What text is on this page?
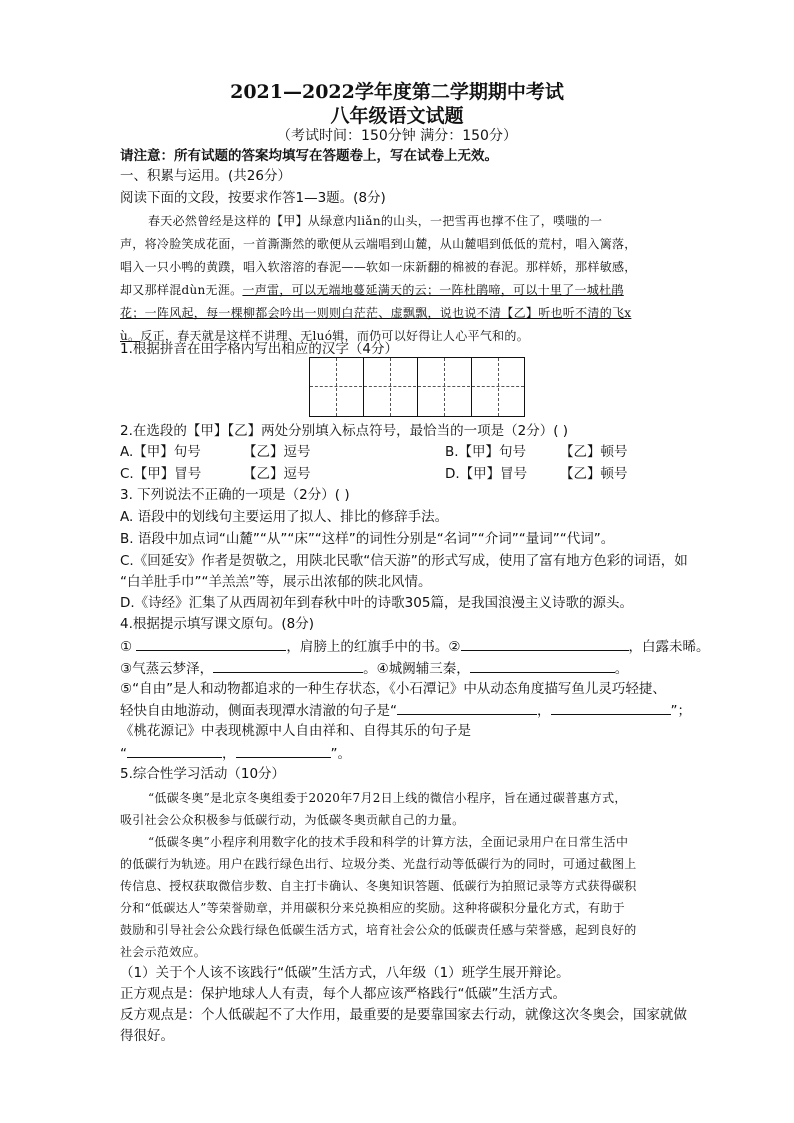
2021—2022学年度第二学期期中考试
八年级语文试题
（考试时间：150分钟 满分：150分）
请注意：所有试题的答案均填写在答题卷上，写在试卷上无效。
一、积累与运用。(共26分）
阅读下面的文段，按要求作答1—3题。(8分)
春天必然曾经是这样的【甲】从绿意内liǎn的山头，一把雪再也撑不住了，噗嗤的一
声，将冷脸笑成花面，一首澌澌然的歌便从云端唱到山麓，从山麓唱到低低的荒村，唱入篱落，
唱入一只小鸭的黄蹼，唱入软溶溶的春泥——软如一床新翻的棉被的春泥。那样娇，那样敏感，
却又那样混dùn无涯。一声雷，可以无端地蔓延满天的云；一阵杜鹃啼，可以十里了一城杜鹃
花；一阵风起，每一棵柳都会吟出一则则白茫茫、虚飘飘，说也说不清【乙】听也听不清的飞x
ù。反正，春天就是这样不讲理、无luó辑，而仍可以好得让人心平气和的。
1.根据拼音在田字格内写出相应的汉字（4分）
2.在选段的【甲】【乙】两处分别填入标点符号，最恰当的一项是（2分）( )
A.【甲】句号	【乙】逗号	B.【甲】句号	【乙】顿号
C.【甲】冒号	【乙】逗号	D.【甲】冒号 【乙】顿号
3. 下列说法不正确的一项是（2分）( )
A. 语段中的划线句主要运用了拟人、排比的修辞手法。
B. 语段中加点词“山麓”“从”“床”“这样”的词性分别是“名词”“介词”“量词”“代词”。
C.《回延安》作者是贺敬之，用陕北民歌“信天游”的形式写成，使用了富有地方色彩的词语，如
“白羊肚手巾”“羊羔羔”等，展示出浓郁的陕北风情。
D.《诗经》汇集了从西周初年到春秋中叶的诗歌305篇，是我国浪漫主义诗歌的源头。
4.根据提示填写课文原句。(8分)
①	，肩膀上的红旗手中的书。②	，白露未晞。
③气蒸云梦泽，	。④城阙辅三秦，	。
⑤“自由”是人和动物都追求的一种生存状态，《小石潭记》中从动态角度描写鱼儿灵巧轻捷、
轻快自由地游动，侧面表现潭水清澈的句子是“	，	”；
《桃花源记》中表现桃源中人自由祥和、自得其乐的句子是
“	，	”。
5.综合性学习活动（10分）
“低碳冬奥”是北京冬奥组委于2020年7月2日上线的微信小程序，旨在通过碳普惠方式，
吸引社会公众积极参与低碳行动，为低碳冬奥贡献自己的力量。
“低碳冬奥”小程序利用数字化的技术手段和科学的计算方法，全面记录用户在日常生活中
的低碳行为轨迹。用户在践行绿色出行、垃圾分类、光盘行动等低碳行为的同时，可通过截图上
传信息、授权获取微信步数、自主打卡确认、冬奥知识答题、低碳行为拍照记录等方式获得碳积
分和“低碳达人”等荣誉勋章，并用碳积分来兑换相应的奖励。这种将碳积分量化方式，有助于
鼓励和引导社会公众践行绿色低碳生活方式，培育社会公众的低碳责任感与荣誉感，起到良好的
社会示范效应。
（1）关于个人该不该践行“低碳”生活方式，八年级（1）班学生展开辩论。
正方观点是：保护地球人人有责，每个人都应该严格践行“低碳”生活方式。
反方观点是：个人低碳起不了大作用，最重要的是要靠国家去行动，就像这次冬奥会，国家就做
得很好。
